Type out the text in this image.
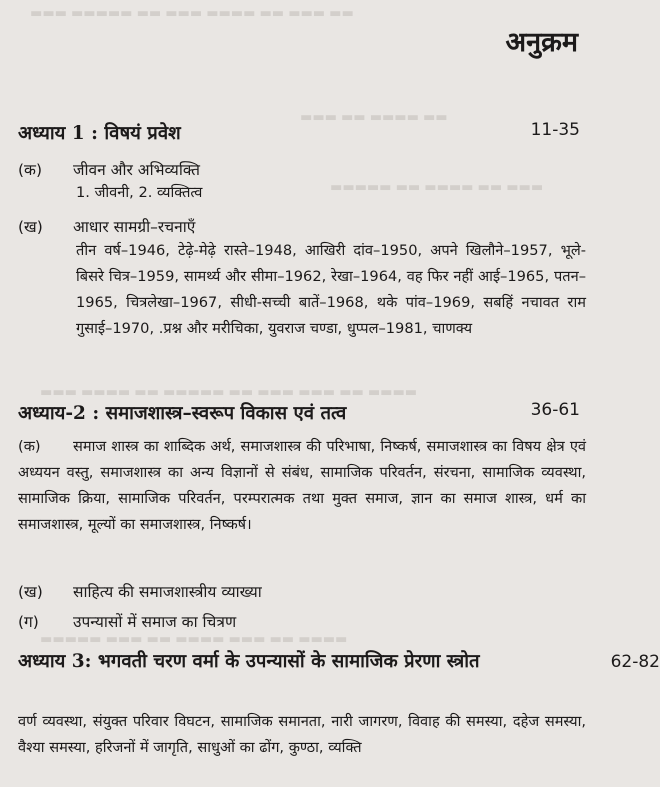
▬▬ ▬▬▬ ▬▬ ▬▬▬▬ ▬▬▬ ▬▬ ▬▬▬▬▬ ▬▬▬
▬▬ ▬▬▬▬ ▬▬ ▬▬▬
▬▬▬ ▬▬ ▬▬▬▬ ▬▬ ▬▬▬▬▬
▬▬▬▬ ▬▬ ▬▬▬ ▬▬▬ ▬▬ ▬▬▬▬▬ ▬▬ ▬▬▬▬ ▬▬▬
▬▬▬▬ ▬▬ ▬▬▬ ▬▬▬▬ ▬▬ ▬▬▬ ▬▬▬▬▬
अनुक्रम
अध्याय 1 : विषयं प्रवेश	11-35
(क) जीवन और अभिव्यक्ति
1. जीवनी, 2. व्यक्तित्व
(ख) आधार सामग्री–रचनाएँ
तीन वर्ष–1946, टेढ़े-मेढ़े रास्ते–1948, आखिरी दांव–1950, अपने खिलौने–1957, भूले-बिसरे चित्र–1959, सामर्थ्य और सीमा–1962, रेखा–1964, वह फिर नहीं आई–1965, पतन–1965, चित्रलेखा–1967, सीधी-सच्ची बातें–1968, थके पांव–1969, सबहिं नचावत राम गुसाई–1970, .प्रश्न और मरीचिका, युवराज चण्डा, धुप्पल–1981, चाणक्य
अध्याय-2 : समाजशास्त्र–स्वरूप विकास एवं तत्व	36-61
(क) समाज शास्त्र का शाब्दिक अर्थ, समाजशास्त्र की परिभाषा, निष्कर्ष, समाजशास्त्र का विषय क्षेत्र एवं अध्ययन वस्तु, समाजशास्त्र का अन्य विज्ञानों से संबंध, सामाजिक परिवर्तन, संरचना, सामाजिक व्यवस्था, सामाजिक क्रिया, सामाजिक परिवर्तन, परम्परात्मक तथा मुक्त समाज, ज्ञान का समाज शास्त्र, धर्म का समाजशास्त्र, मूल्यों का समाजशास्त्र, निष्कर्ष।
(ख) साहित्य की समाजशास्त्रीय व्याख्या
(ग) उपन्यासों में समाज का चित्रण
अध्याय 3: भगवती चरण वर्मा के उपन्यासों के सामाजिक प्रेरणा स्त्रोत	62-82
वर्ण व्यवस्था, संयुक्त परिवार विघटन, सामाजिक समानता, नारी जागरण, विवाह की समस्या, दहेज समस्या, वैश्या समस्या, हरिजनों में जागृति, साधुओं का ढोंग, कुण्ठा, व्यक्ति
